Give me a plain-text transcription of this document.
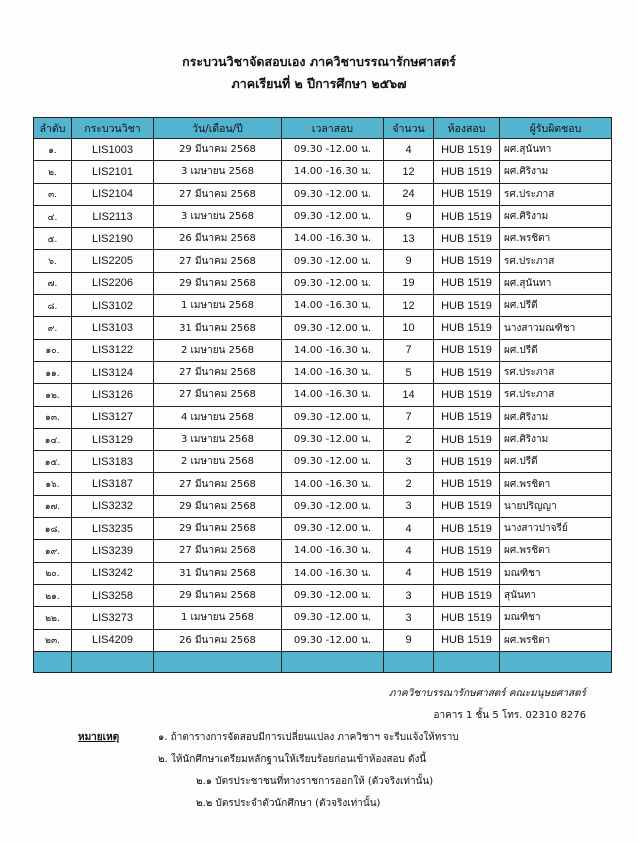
กระบวนวิชาจัดสอบเอง ภาควิชาบรรณารักษศาสตร์
ภาคเรียนที่ ๒ ปีการศึกษา ๒๕๖๗
ลำดับ	กระบวนวิชา	วัน/เดือน/ปี	เวลาสอบ	จำนวน	ห้องสอบ	ผู้รับผิดชอบ
๑.	LIS1003	29 มีนาคม 2568	09.30 -12.00 น.	4	HUB 1519	ผศ.สุนันทา
๒.	LIS2101	3 เมษายน 2568	14.00 -16.30 น.	12	HUB 1519	ผศ.ศิริงาม
๓.	LIS2104	27 มีนาคม 2568	09.30 -12.00 น.	24	HUB 1519	รศ.ประภาส
๔.	LIS2113	3 เมษายน 2568	09.30 -12.00 น.	9	HUB 1519	ผศ.ศิริงาม
๕.	LIS2190	26 มีนาคม 2568	14.00 -16.30 น.	13	HUB 1519	ผศ.พรชิตา
๖.	LIS2205	27 มีนาคม 2568	09.30 -12.00 น.	9	HUB 1519	รศ.ประภาส
๗.	LIS2206	29 มีนาคม 2568	09.30 -12.00 น.	19	HUB 1519	ผศ.สุนันทา
๘.	LIS3102	1 เมษายน 2568	14.00 -16.30 น.	12	HUB 1519	ผศ.ปรีดี
๙.	LIS3103	31 มีนาคม 2568	09.30 -12.00 น.	10	HUB 1519	นางสาวมณฑิชา
๑๐.	LIS3122	2 เมษายน 2568	14.00 -16.30 น.	7	HUB 1519	ผศ.ปรีดี
๑๑.	LIS3124	27 มีนาคม 2568	14.00 -16.30 น.	5	HUB 1519	รศ.ประภาส
๑๒.	LIS3126	27 มีนาคม 2568	14.00 -16.30 น.	14	HUB 1519	รศ.ประภาส
๑๓.	LIS3127	4 เมษายน 2568	09.30 -12.00 น.	7	HUB 1519	ผศ.ศิริงาม
๑๔.	LIS3129	3 เมษายน 2568	09.30 -12.00 น.	2	HUB 1519	ผศ.ศิริงาม
๑๕.	LIS3183	2 เมษายน 2568	09.30 -12.00 น.	3	HUB 1519	ผศ.ปรีดี
๑๖.	LIS3187	27 มีนาคม 2568	14.00 -16.30 น.	2	HUB 1519	ผศ.พรชิตา
๑๗.	LIS3232	29 มีนาคม 2568	09.30 -12.00 น.	3	HUB 1519	นายปริญญา
๑๘.	LIS3235	29 มีนาคม 2568	09.30 -12.00 น.	4	HUB 1519	นางสาวปาจรีย์
๑๙.	LIS3239	27 มีนาคม 2568	14.00 -16.30 น.	4	HUB 1519	ผศ.พรชิตา
๒๐.	LIS3242	31 มีนาคม 2568	14.00 -16.30 น.	4	HUB 1519	มณฑิชา
๒๑.	LIS3258	29 มีนาคม 2568	09.30 -12.00 น.	3	HUB 1519	สุนันทา
๒๒.	LIS3273	1 เมษายน 2568	09.30 -12.00 น.	3	HUB 1519	มณฑิชา
๒๓.	LIS4209	26 มีนาคม 2568	09.30 -12.00 น.	9	HUB 1519	ผศ.พรชิตา

ภาควิชาบรรณารักษศาสตร์ คณะมนุษยศาสตร์
อาคาร 1 ชั้น 5 โทร. 02310 8276
หมายเหตุ	๑. ถ้าตารางการจัดสอบมีการเปลี่ยนแปลง ภาควิชาฯ จะรีบแจ้งให้ทราบ
๒. ให้นักศึกษาเตรียมหลักฐานให้เรียบร้อยก่อนเข้าห้องสอบ ดังนี้
๒.๑ บัตรประชาชนที่ทางราชการออกให้ (ตัวจริงเท่านั้น)
๒.๒ บัตรประจำตัวนักศึกษา (ตัวจริงเท่านั้น)
